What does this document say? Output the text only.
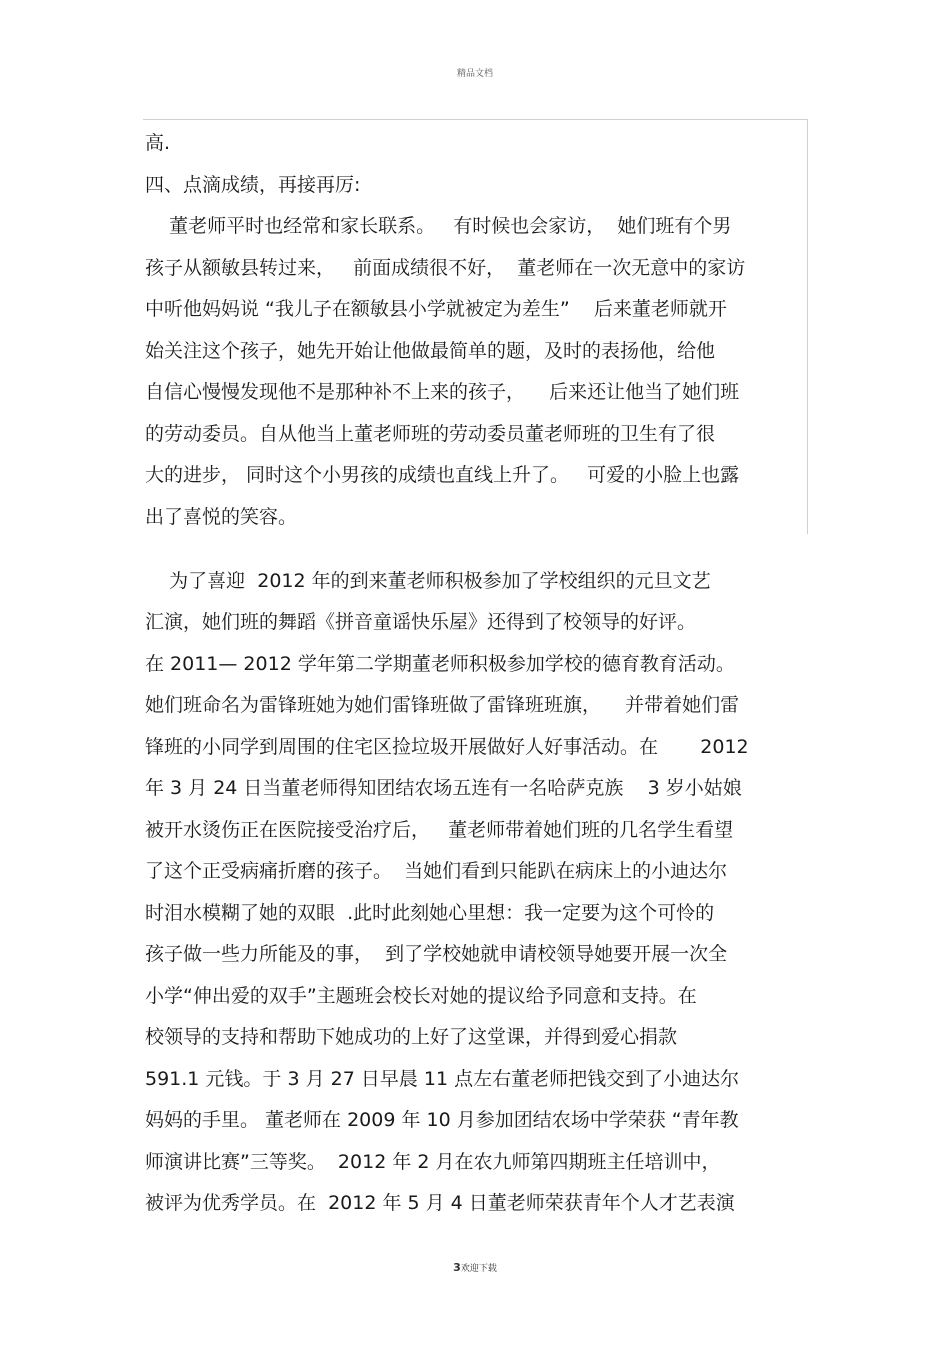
精品文档
高.
四、点滴成绩，再接再厉:
董老师平时也经常和家长联系。   有时候也会家访，  她们班有个男
孩子从额敏县转过来，   前面成绩很不好，  董老师在一次无意中的家访
中听他妈妈说 “我儿子在额敏县小学就被定为差生”    后来董老师就开
始关注这个孩子，她先开始让他做最简单的题，及时的表扬他，给他
自信心慢慢发现他不是那种补不上来的孩子，    后来还让他当了她们班
的劳动委员。自从他当上董老师班的劳动委员董老师班的卫生有了很
大的进步， 同时这个小男孩的成绩也直线上升了。   可爱的小脸上也露
出了喜悦的笑容。
为了喜迎  2012 年的到来董老师积极参加了学校组织的元旦文艺
汇演，她们班的舞蹈《拼音童谣快乐屋》还得到了校领导的好评。
在 2011— 2012 学年第二学期董老师积极参加学校的德育教育活动。
她们班命名为雷锋班她为她们雷锋班做了雷锋班班旗，    并带着她们雷
锋班的小同学到周围的住宅区捡垃圾开展做好人好事活动。在       2012
年 3 月 24 日当董老师得知团结农场五连有一名哈萨克族    3 岁小姑娘
被开水烫伤正在医院接受治疗后，   董老师带着她们班的几名学生看望
了这个正受病痛折磨的孩子。  当她们看到只能趴在病床上的小迪达尔
时泪水模糊了她的双眼  .此时此刻她心里想：我一定要为这个可怜的
孩子做一些力所能及的事，  到了学校她就申请校领导她要开展一次全
小学“伸出爱的双手”主题班会校长对她的提议给予同意和支持。在
校领导的支持和帮助下她成功的上好了这堂课，并得到爱心捐款
591.1 元钱。于 3 月 27 日早晨 11 点左右董老师把钱交到了小迪达尔
妈妈的手里。 董老师在 2009 年 10 月参加团结农场中学荣获 “青年教
师演讲比赛”三等奖。  2012 年 2 月在农九师第四期班主任培训中，
被评为优秀学员。在  2012 年 5 月 4 日董老师荣获青年个人才艺表演
3欢迎下载
